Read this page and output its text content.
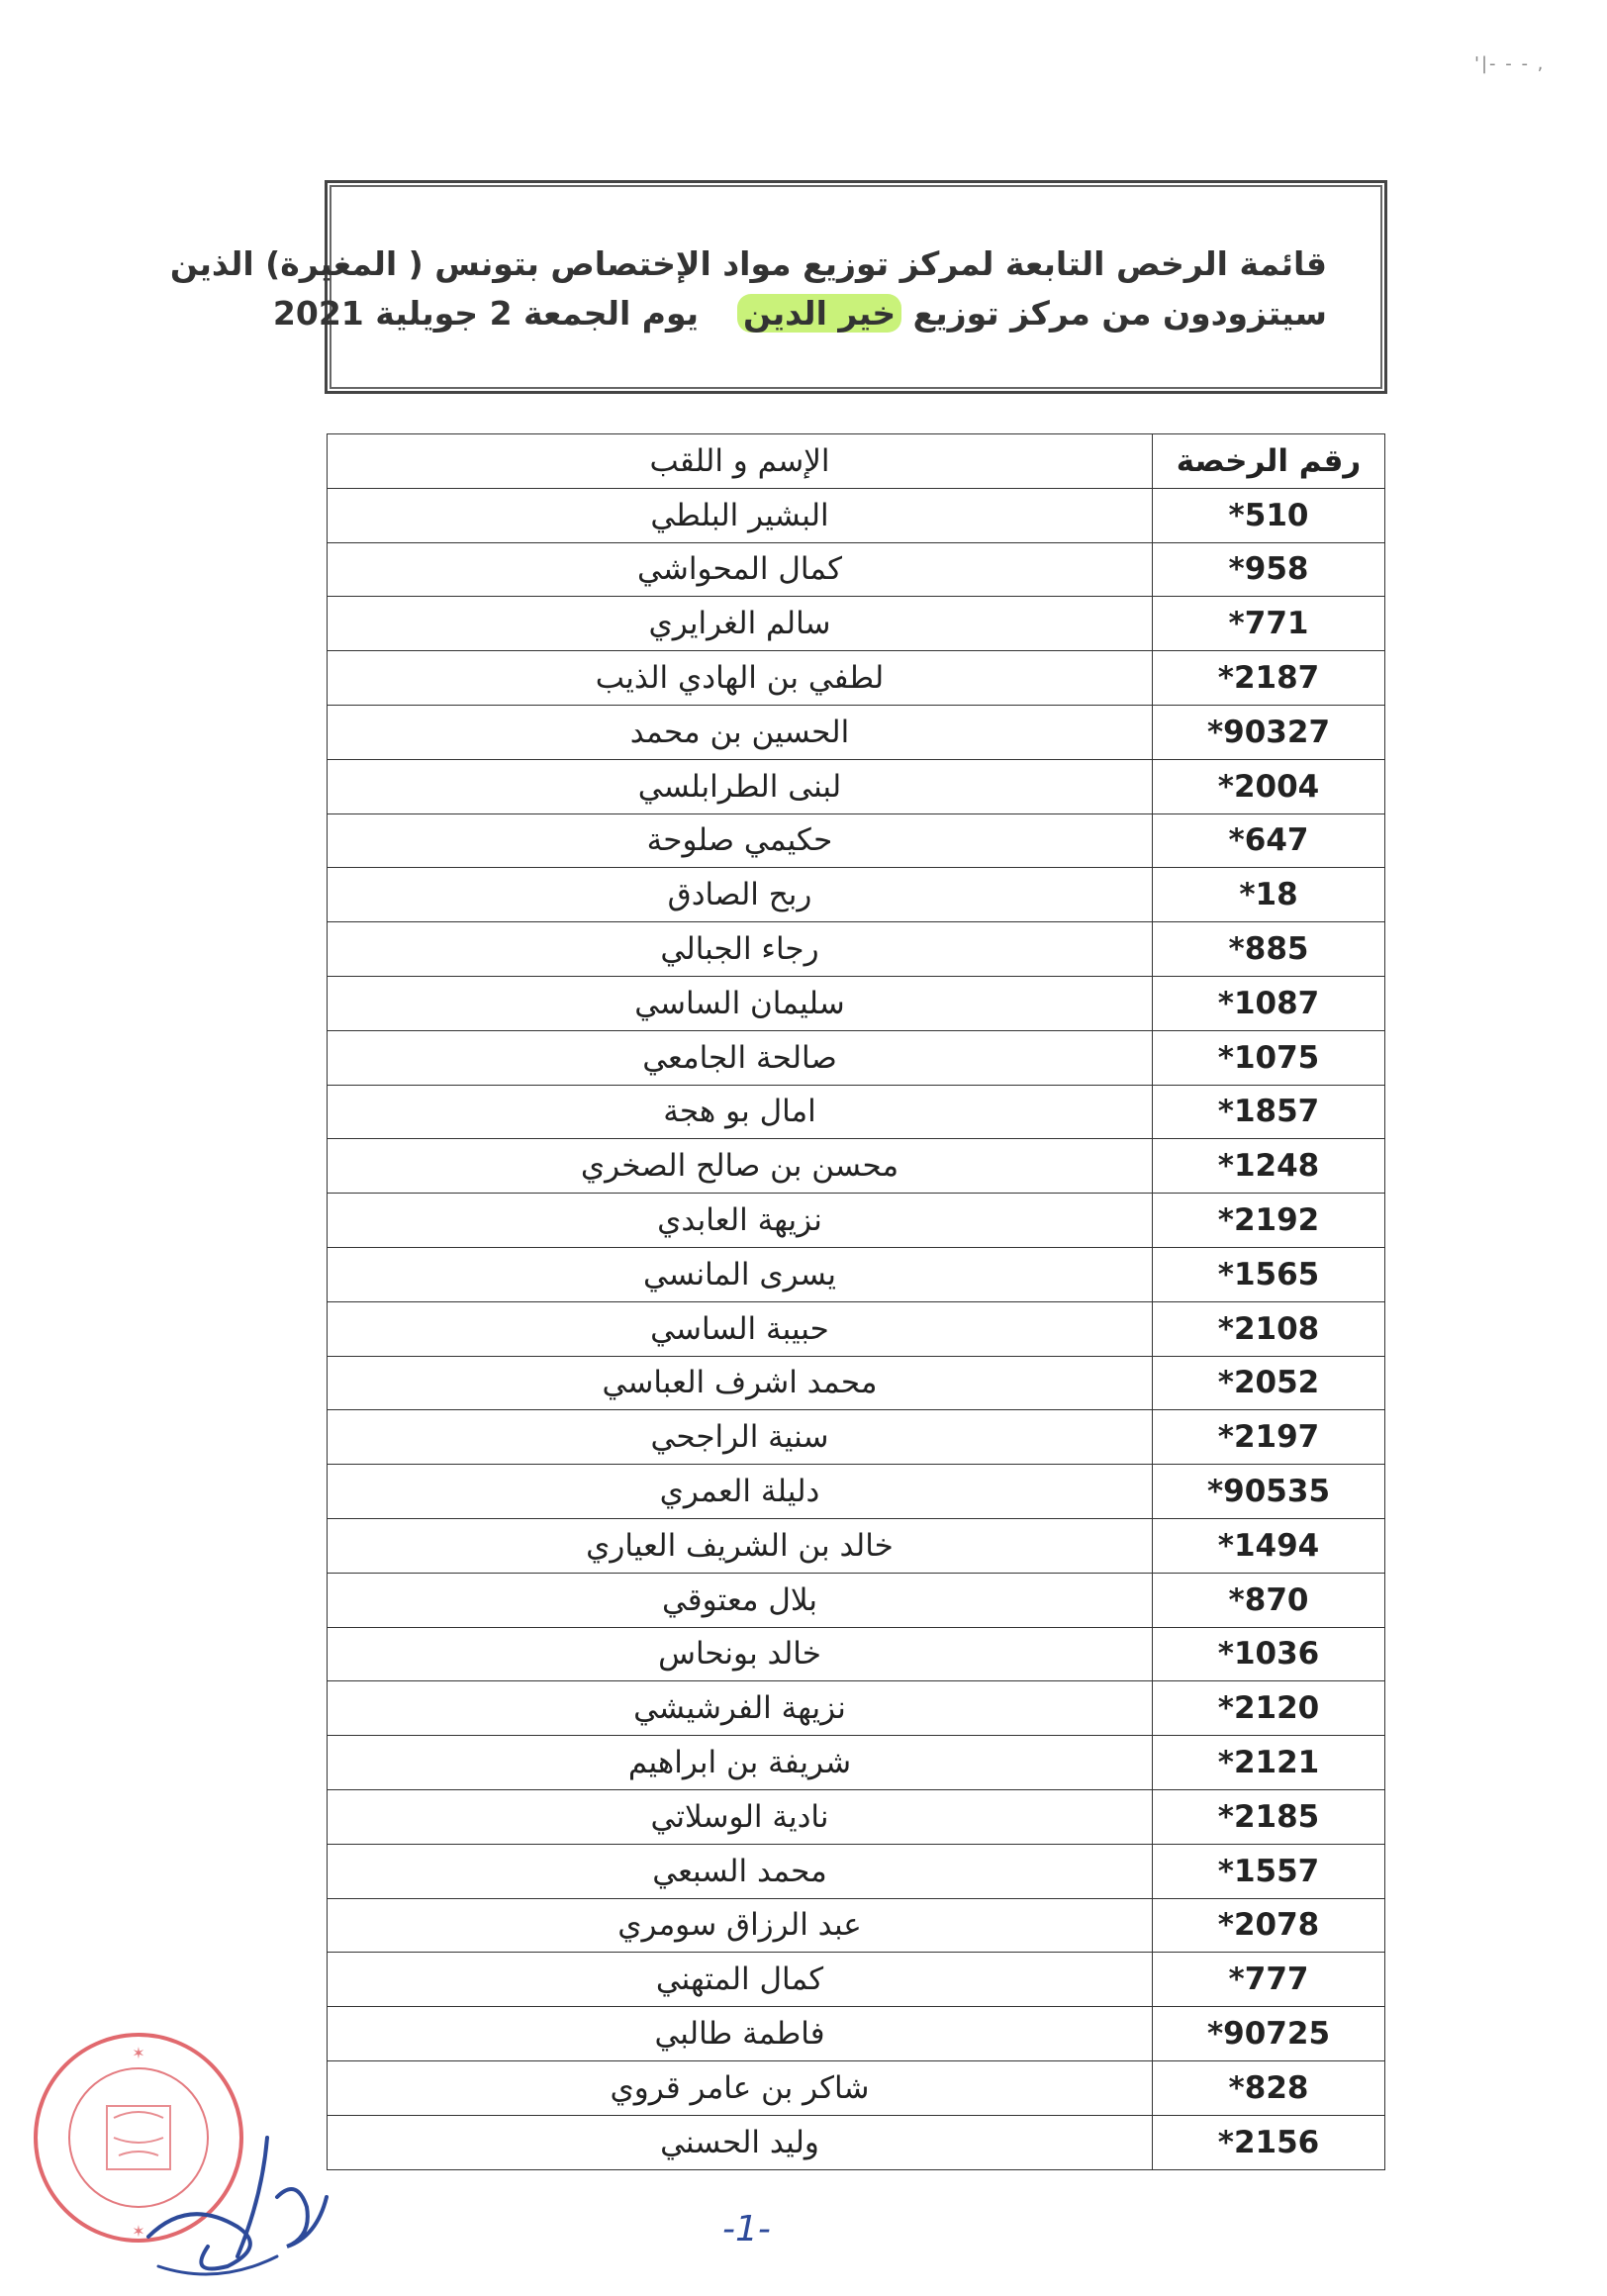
'|- - - ,
قائمة الرخص التابعة لمركز توزيع مواد الإختصاص بتونس ( المغيرة) الذين
سيتزودون من مركز توزيع خير الدين  يوم الجمعة 2 جويلية 2021
رقم الرخصة	الإسم و اللقب
510*	البشير البلطي
958*	كمال المحواشي
771*	سالم الغرايري
2187*	لطفي بن الهادي الذيب
90327*	الحسين بن محمد
2004*	لبنى الطرابلسي
647*	حكيمي صلوحة
18*	ربح الصادق
885*	رجاء الجبالي
1087*	سليمان الساسي
1075*	صالحة الجامعي
1857*	امال بو هجة
1248*	محسن بن صالح الصخري
2192*	نزيهة العابدي
1565*	يسرى المانسي
2108*	حبيبة الساسي
2052*	محمد اشرف العباسي
2197*	سنية الراجحي
90535*	دليلة العمري
1494*	خالد بن الشريف العياري
870*	بلال معتوقي
1036*	خالد بونحاس
2120*	نزيهة الفرشيشي
2121*	شريفة بن ابراهيم
2185*	نادية الوسلاتي
1557*	محمد السبعي
2078*	عبد الرزاق سومري
777*	كمال المتهني
90725*	فاطمة طالبي
828*	شاكر بن عامر قروي
2156*	وليد الحسني
✶
✶	-1-
